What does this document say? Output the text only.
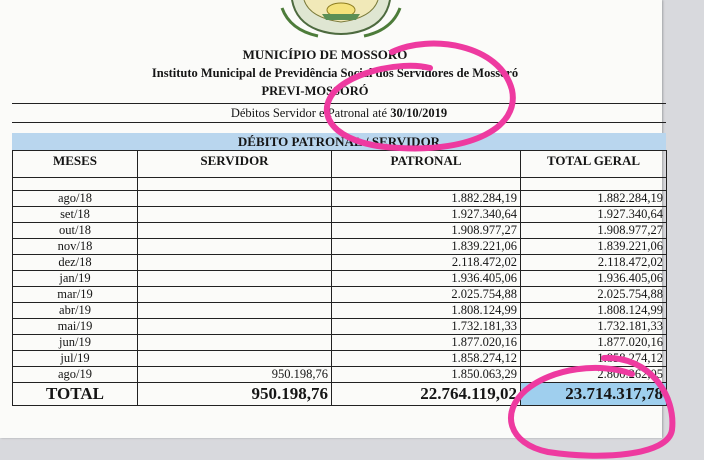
MUNICÍPIO DE MOSSORÓ
Instituto Municipal de Previdência Social dos Servidores de Mossoró
PREVI-MOSSORÓ
Débitos Servidor e Patronal até 30/10/2019
DÉBITO PATRONAL / SERVIDOR
MESES	SERVIDOR	PATRONAL	TOTAL GERAL

ago/18		1.882.284,19	1.882.284,19
set/18		1.927.340,64	1.927.340,64
out/18		1.908.977,27	1.908.977,27
nov/18		1.839.221,06	1.839.221,06
dez/18		2.118.472,02	2.118.472,02
jan/19		1.936.405,06	1.936.405,06
mar/19		2.025.754,88	2.025.754,88
abr/19		1.808.124,99	1.808.124,99
mai/19		1.732.181,33	1.732.181,33
jun/19		1.877.020,16	1.877.020,16
jul/19		1.858.274,12	1.858.274,12
ago/19	950.198,76	1.850.063,29	2.800.262,05
TOTAL	950.198,76	22.764.119,02	23.714.317,78
